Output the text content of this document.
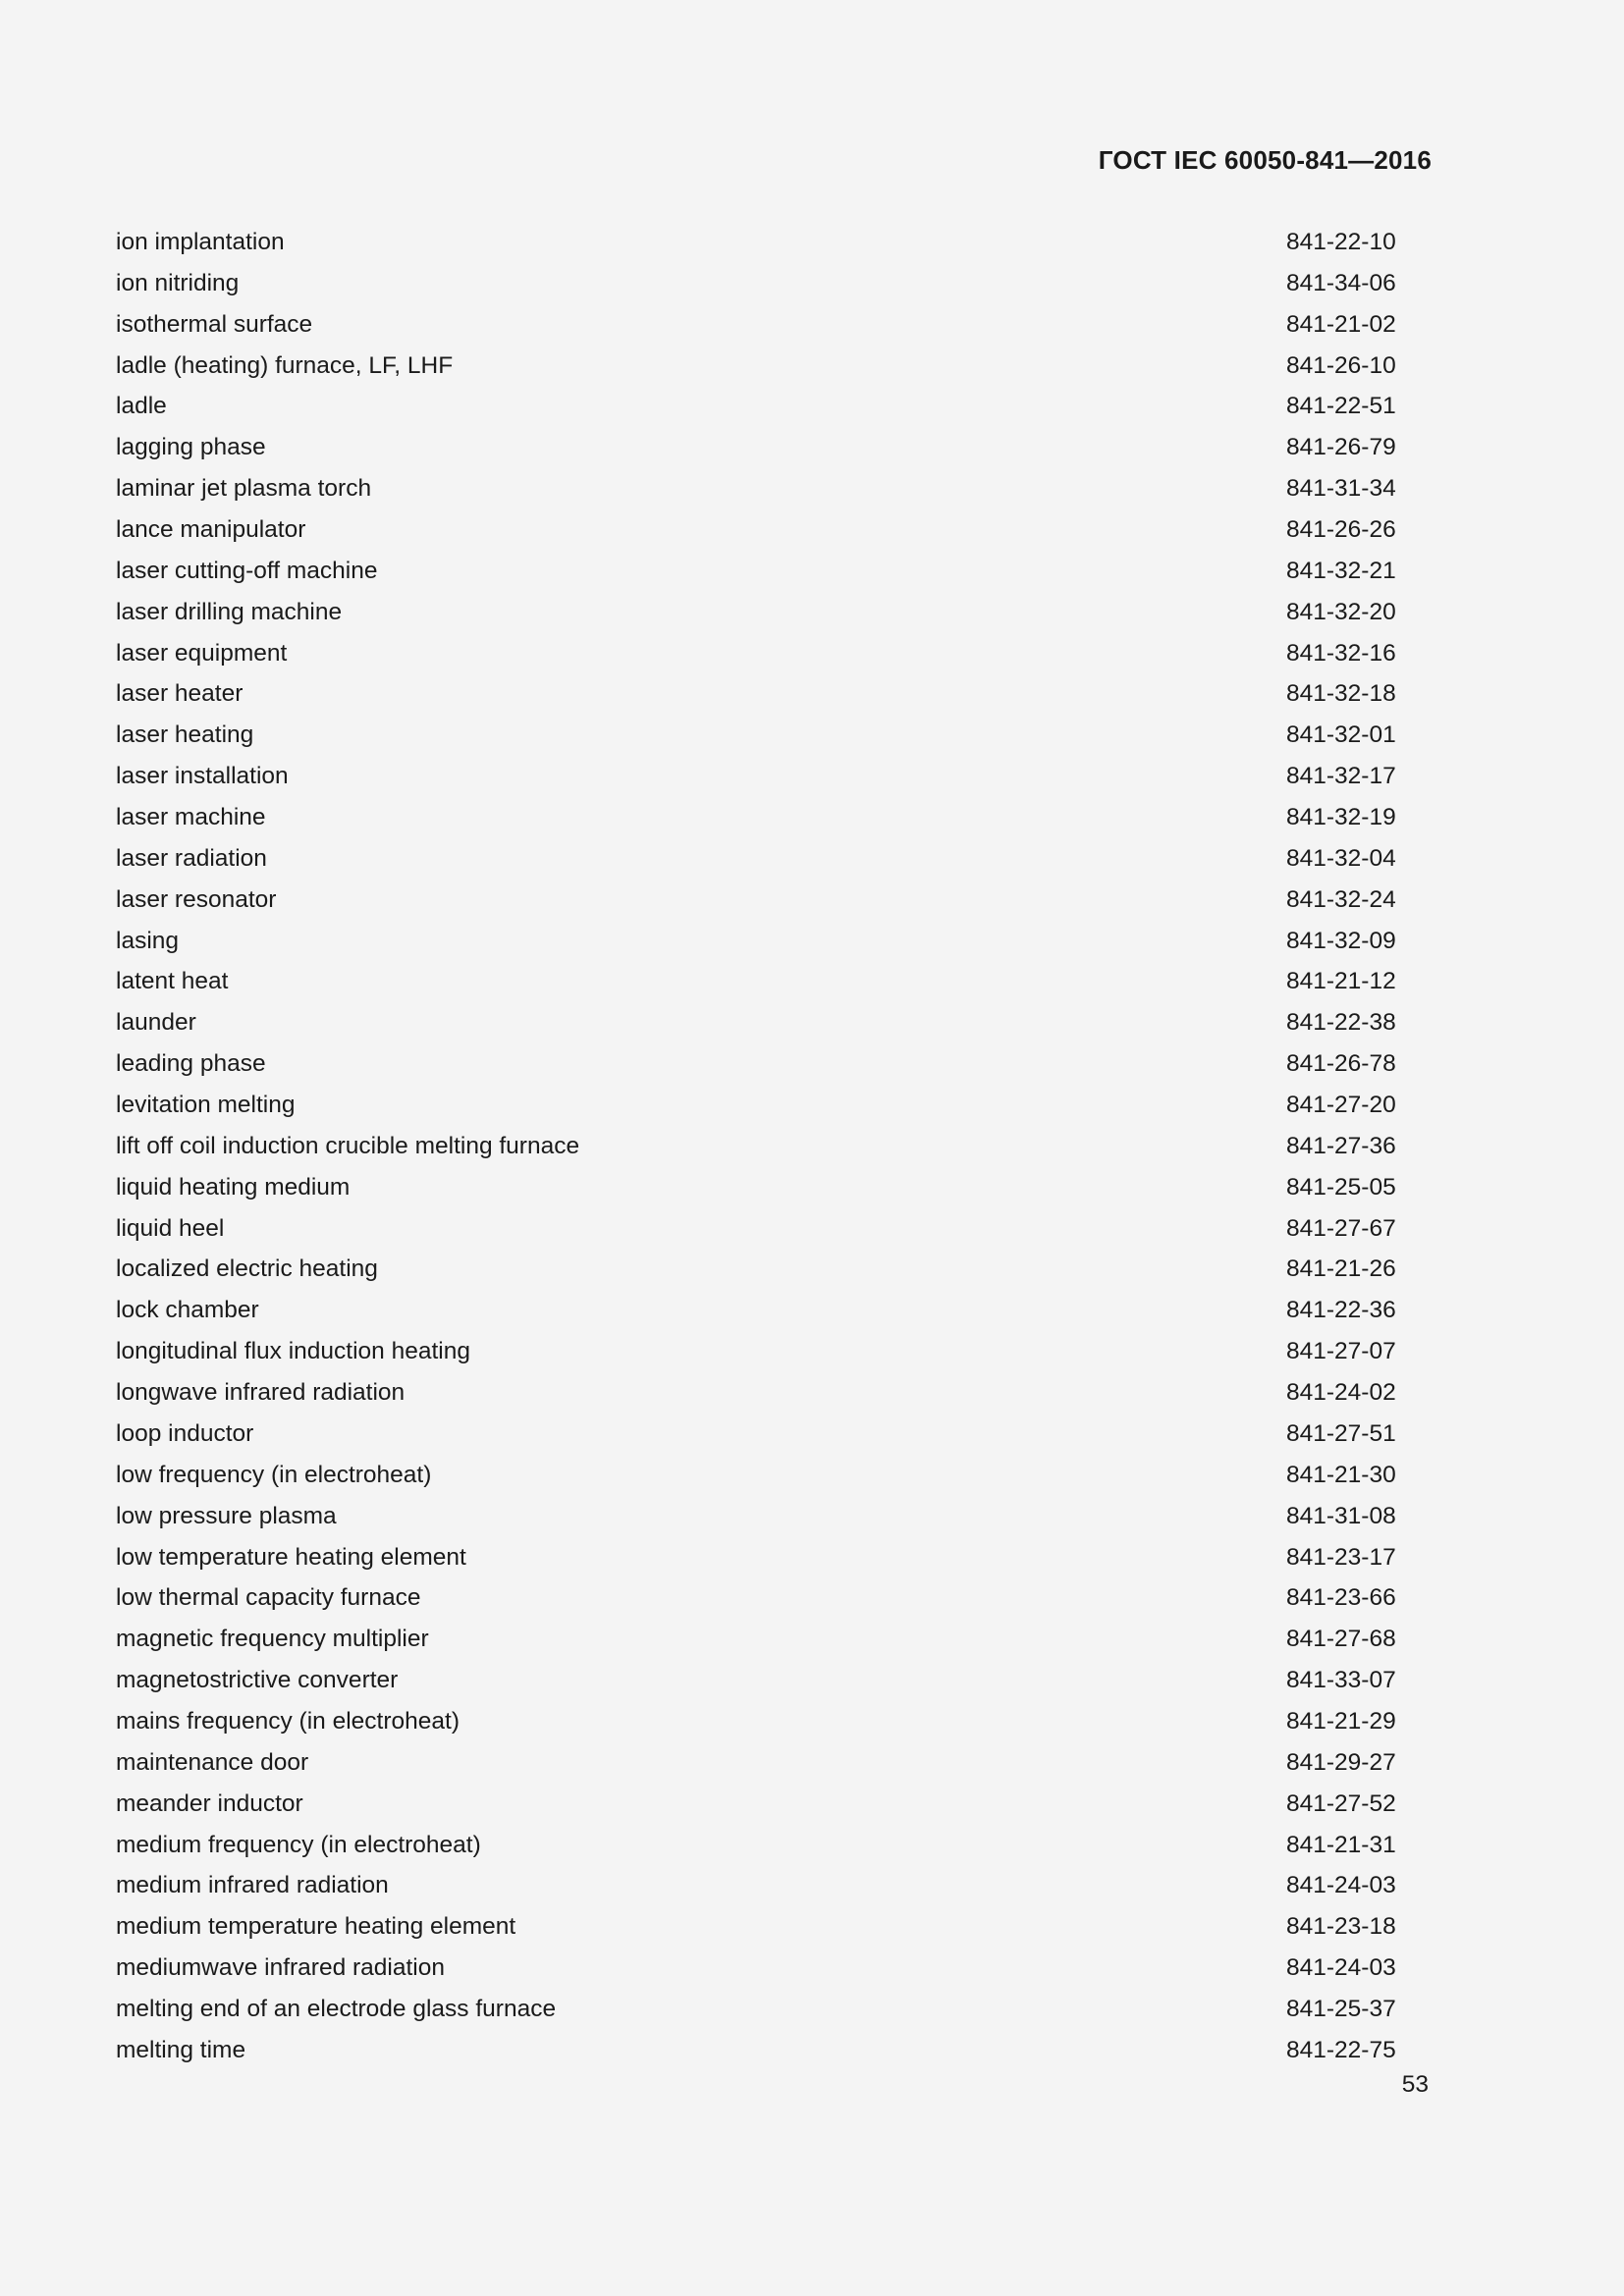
ГОСТ IEC 60050-841—2016
ion implantation	841-22-10
ion nitriding	841-34-06
isothermal surface	841-21-02
ladle (heating) furnace, LF, LHF	841-26-10
ladle	841-22-51
lagging phase	841-26-79
laminar jet plasma torch	841-31-34
lance manipulator	841-26-26
laser cutting-off machine	841-32-21
laser drilling machine	841-32-20
laser equipment	841-32-16
laser heater	841-32-18
laser heating	841-32-01
laser installation	841-32-17
laser machine	841-32-19
laser radiation	841-32-04
laser resonator	841-32-24
lasing	841-32-09
latent heat	841-21-12
launder	841-22-38
leading phase	841-26-78
levitation melting	841-27-20
lift off coil induction crucible melting furnace	841-27-36
liquid heating medium	841-25-05
liquid heel	841-27-67
localized electric heating	841-21-26
lock chamber	841-22-36
longitudinal flux induction heating	841-27-07
longwave infrared radiation	841-24-02
loop inductor	841-27-51
low frequency (in electroheat)	841-21-30
low pressure plasma	841-31-08
low temperature heating element	841-23-17
low thermal capacity furnace	841-23-66
magnetic frequency multiplier	841-27-68
magnetostrictive converter	841-33-07
mains frequency (in electroheat)	841-21-29
maintenance door	841-29-27
meander inductor	841-27-52
medium frequency (in electroheat)	841-21-31
medium infrared radiation	841-24-03
medium temperature heating element	841-23-18
mediumwave infrared radiation	841-24-03
melting end of an electrode glass furnace	841-25-37
melting time	841-22-75
53
